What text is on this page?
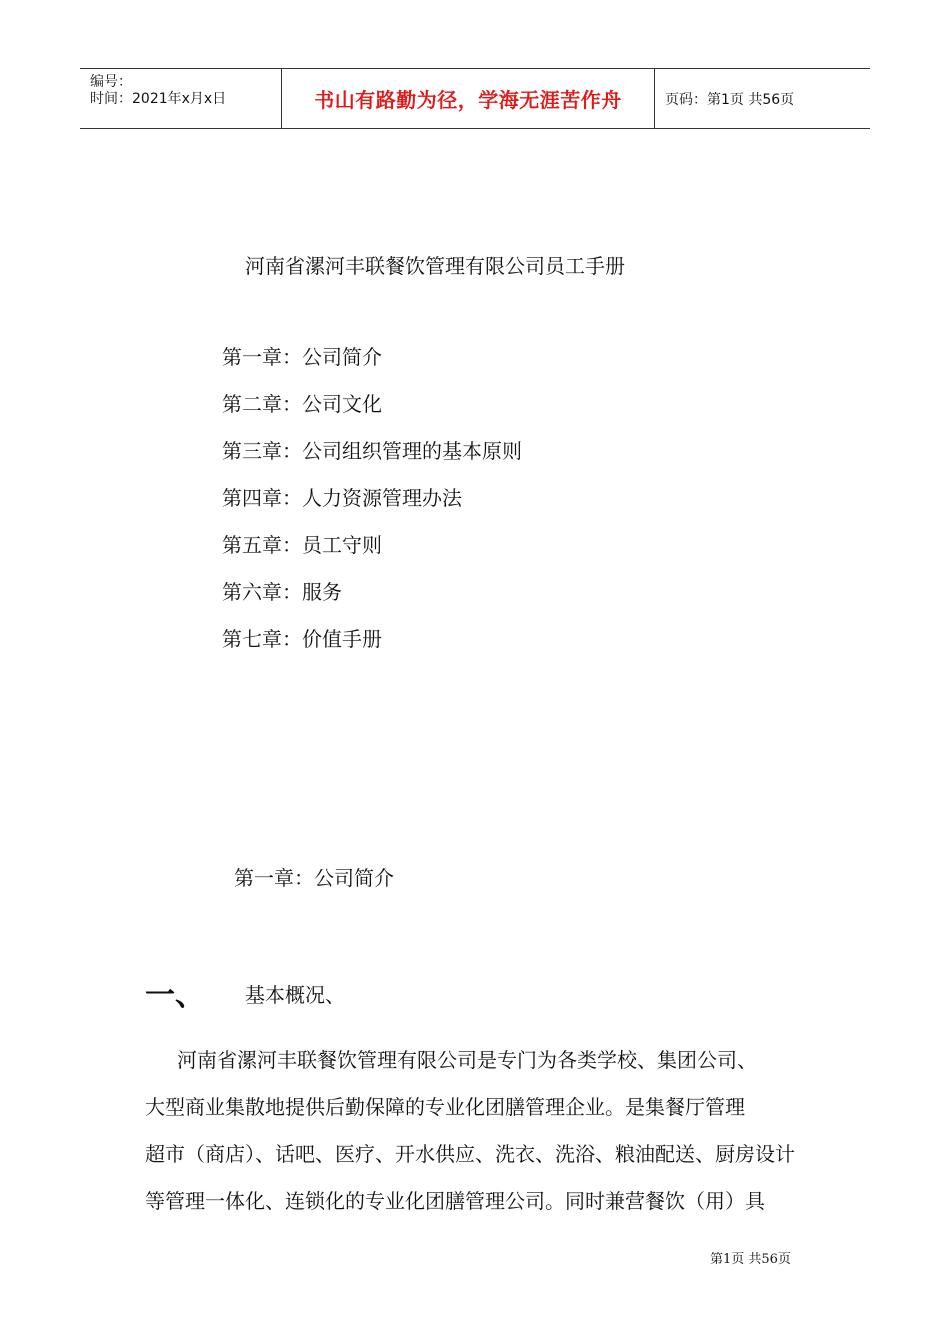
编号：
时间：2021年x月x日	书山有路勤为径，学海无涯苦作舟	页码：第1页 共56页
河南省漯河丰联餐饮管理有限公司员工手册
第一章：公司简介
第二章：公司文化
第三章：公司组织管理的基本原则
第四章：人力资源管理办法
第五章：员工守则
第六章：服务
第七章：价值手册
第一章：公司简介
一、 基本概况、
河南省漯河丰联餐饮管理有限公司是专门为各类学校、集团公司、
大型商业集散地提供后勤保障的专业化团膳管理企业。是集餐厅管理
超市（商店）、话吧、医疗、开水供应、洗衣、洗浴、粮油配送、厨房设计
等管理一体化、连锁化的专业化团膳管理公司。同时兼营餐饮（用）具
第1页 共56页
